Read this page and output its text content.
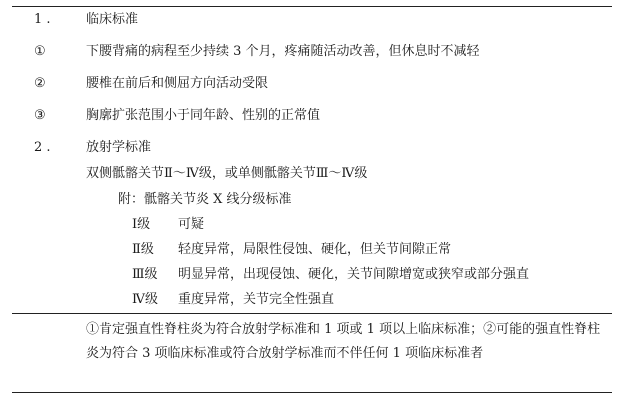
1 .	临床标准
①	下腰背痛的病程至少持续 3 个月，疼痛随活动改善，但休息时不减轻
②	腰椎在前后和侧屈方向活动受限
③	胸廓扩张范围小于同年龄、性别的正常值
2 .	放射学标准
双侧骶髂关节Ⅱ～Ⅳ级，或单侧骶髂关节Ⅲ～Ⅳ级
附：骶髂关节炎 X 线分级标准
Ⅰ级 可疑
Ⅱ级 轻度异常，局限性侵蚀、硬化，但关节间隙正常
Ⅲ级 明显异常，出现侵蚀、硬化，关节间隙增宽或狭窄或部分强直
Ⅳ级 重度异常，关节完全性强直
①肯定强直性脊柱炎为符合放射学标准和 1 项或 1 项以上临床标准；②可能的强直性脊柱炎为符合 3 项临床标准或符合放射学标准而不伴任何 1 项临床标准者
